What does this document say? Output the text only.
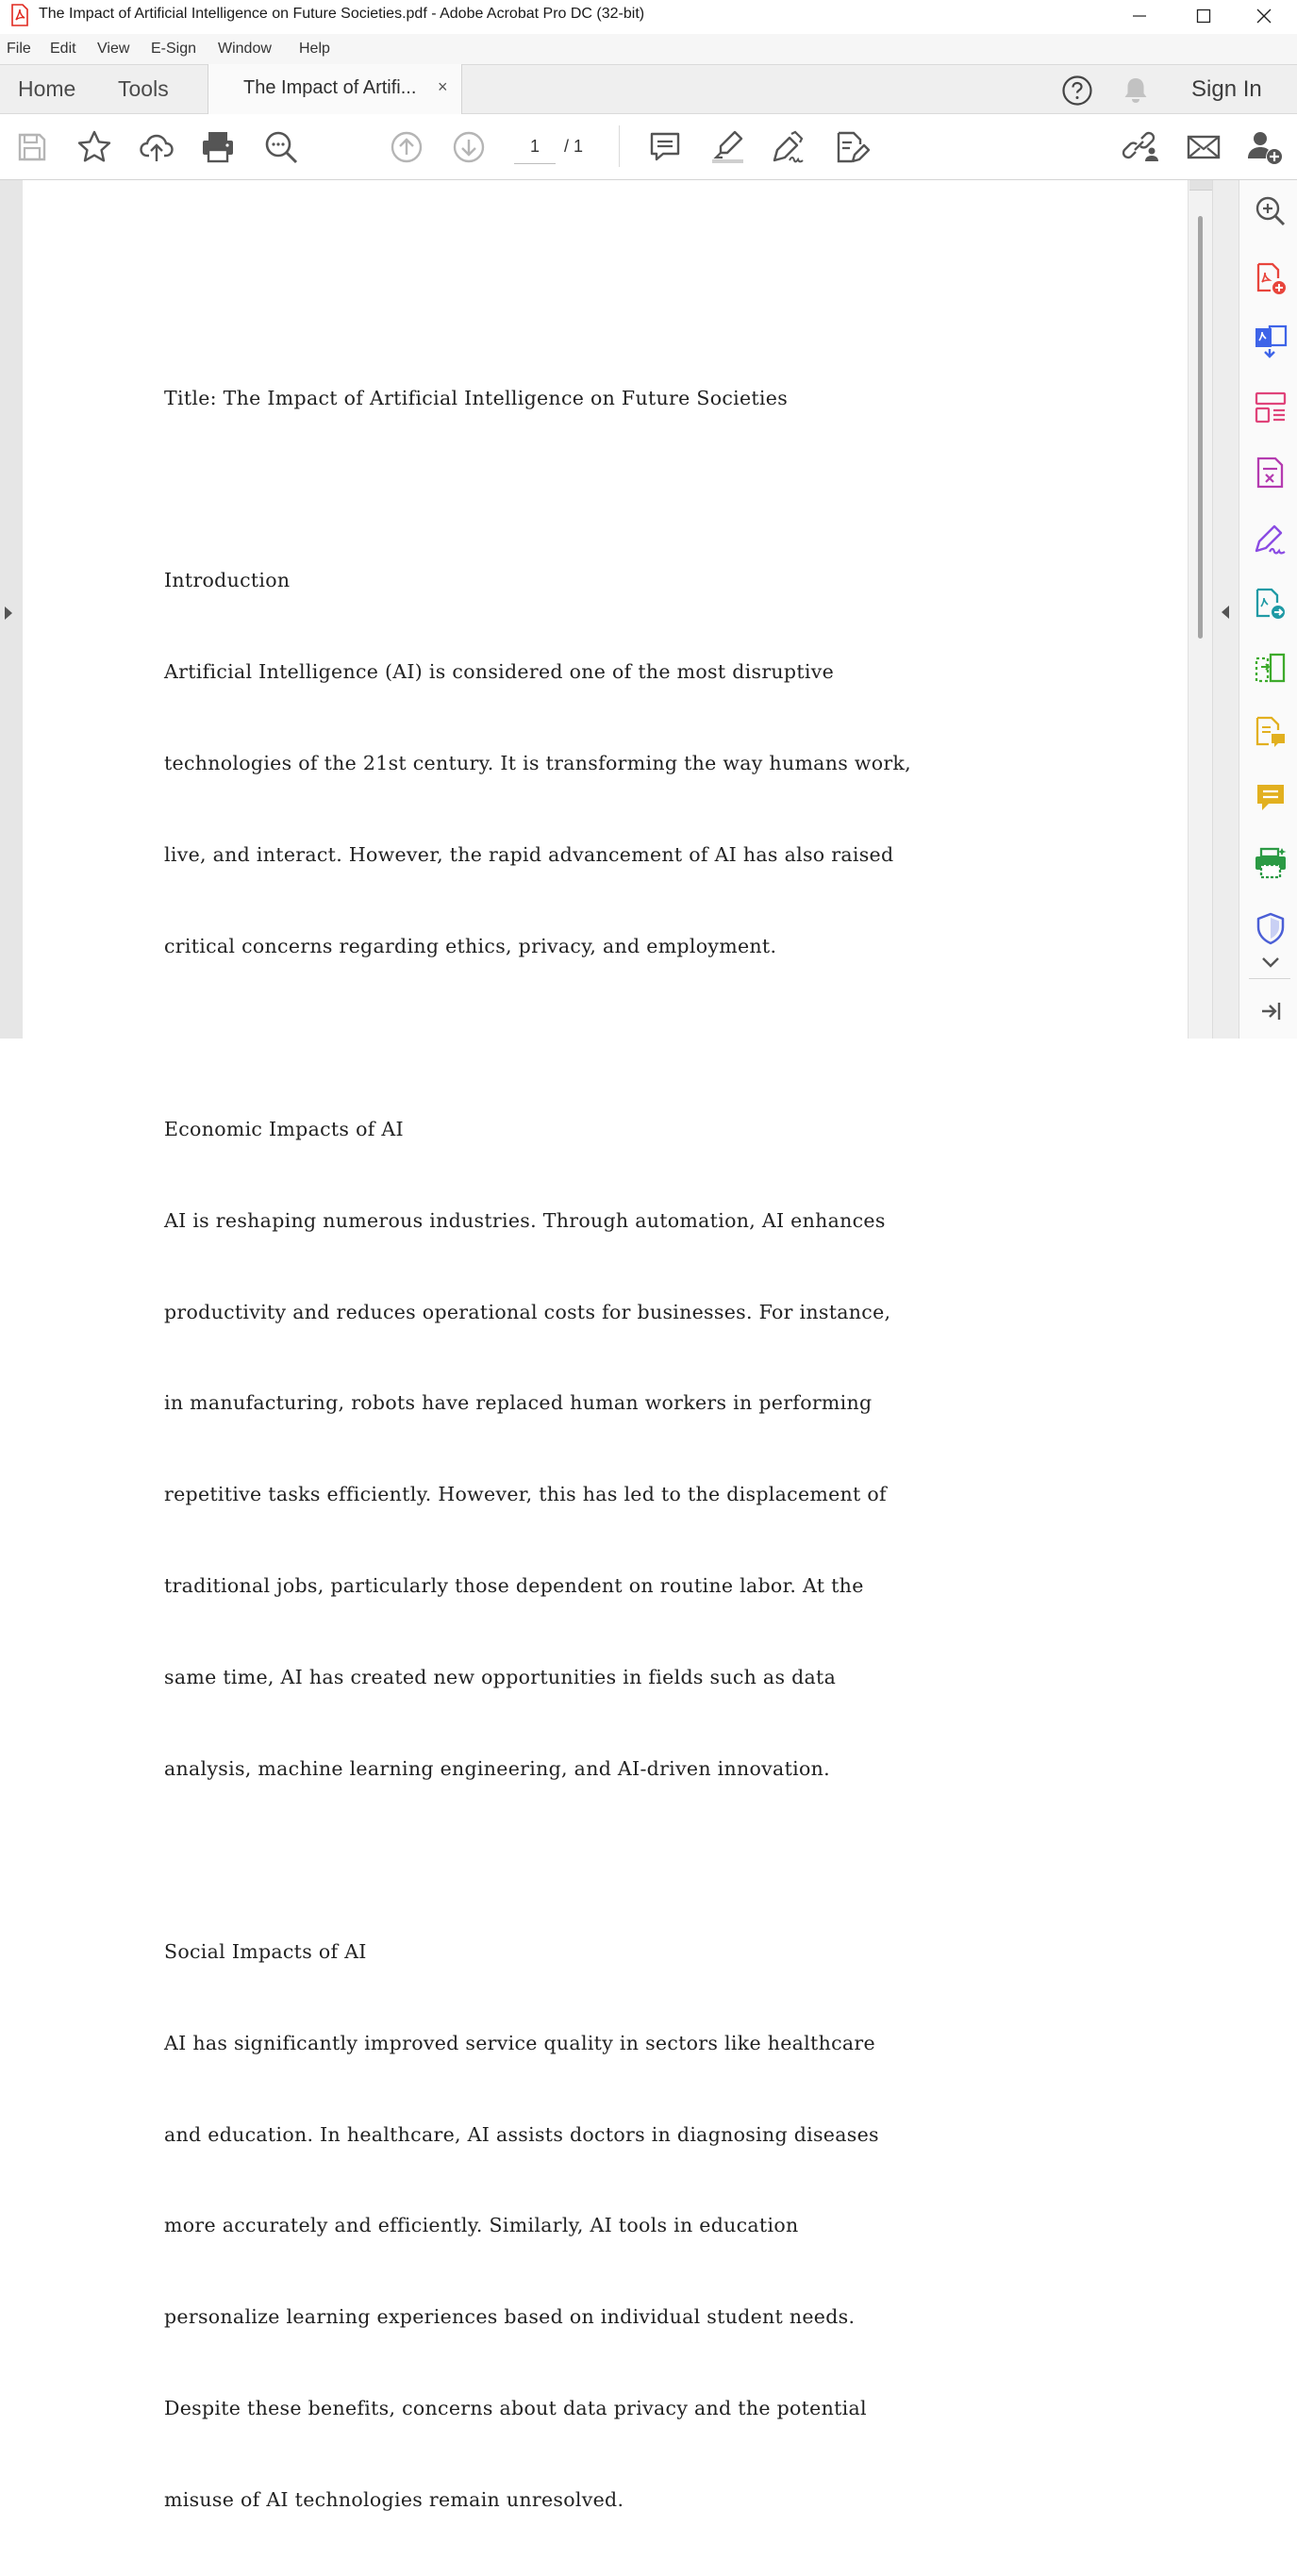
The Impact of Artificial Intelligence on Future Societies.pdf - Adobe Acrobat Pro DC (32-bit)
File Edit View E-Sign Window Help
Home Tools	The Impact of Artifi... ×	Sign In
1	/ 1

Title: The Impact of Artificial Intelligence on Future Societies

Introduction

Artificial Intelligence (AI) is considered one of the most disruptive

technologies of the 21st century. It is transforming the way humans work,

live, and interact. However, the rapid advancement of AI has also raised

critical concerns regarding ethics, privacy, and employment.

Economic Impacts of AI

AI is reshaping numerous industries. Through automation, AI enhances

productivity and reduces operational costs for businesses. For instance,

in manufacturing, robots have replaced human workers in performing

repetitive tasks efficiently. However, this has led to the displacement of

traditional jobs, particularly those dependent on routine labor. At the

same time, AI has created new opportunities in fields such as data

analysis, machine learning engineering, and AI-driven innovation.

Social Impacts of AI

AI has significantly improved service quality in sectors like healthcare

and education. In healthcare, AI assists doctors in diagnosing diseases

more accurately and efficiently. Similarly, AI tools in education

personalize learning experiences based on individual student needs.

Despite these benefits, concerns about data privacy and the potential

misuse of AI technologies remain unresolved.
